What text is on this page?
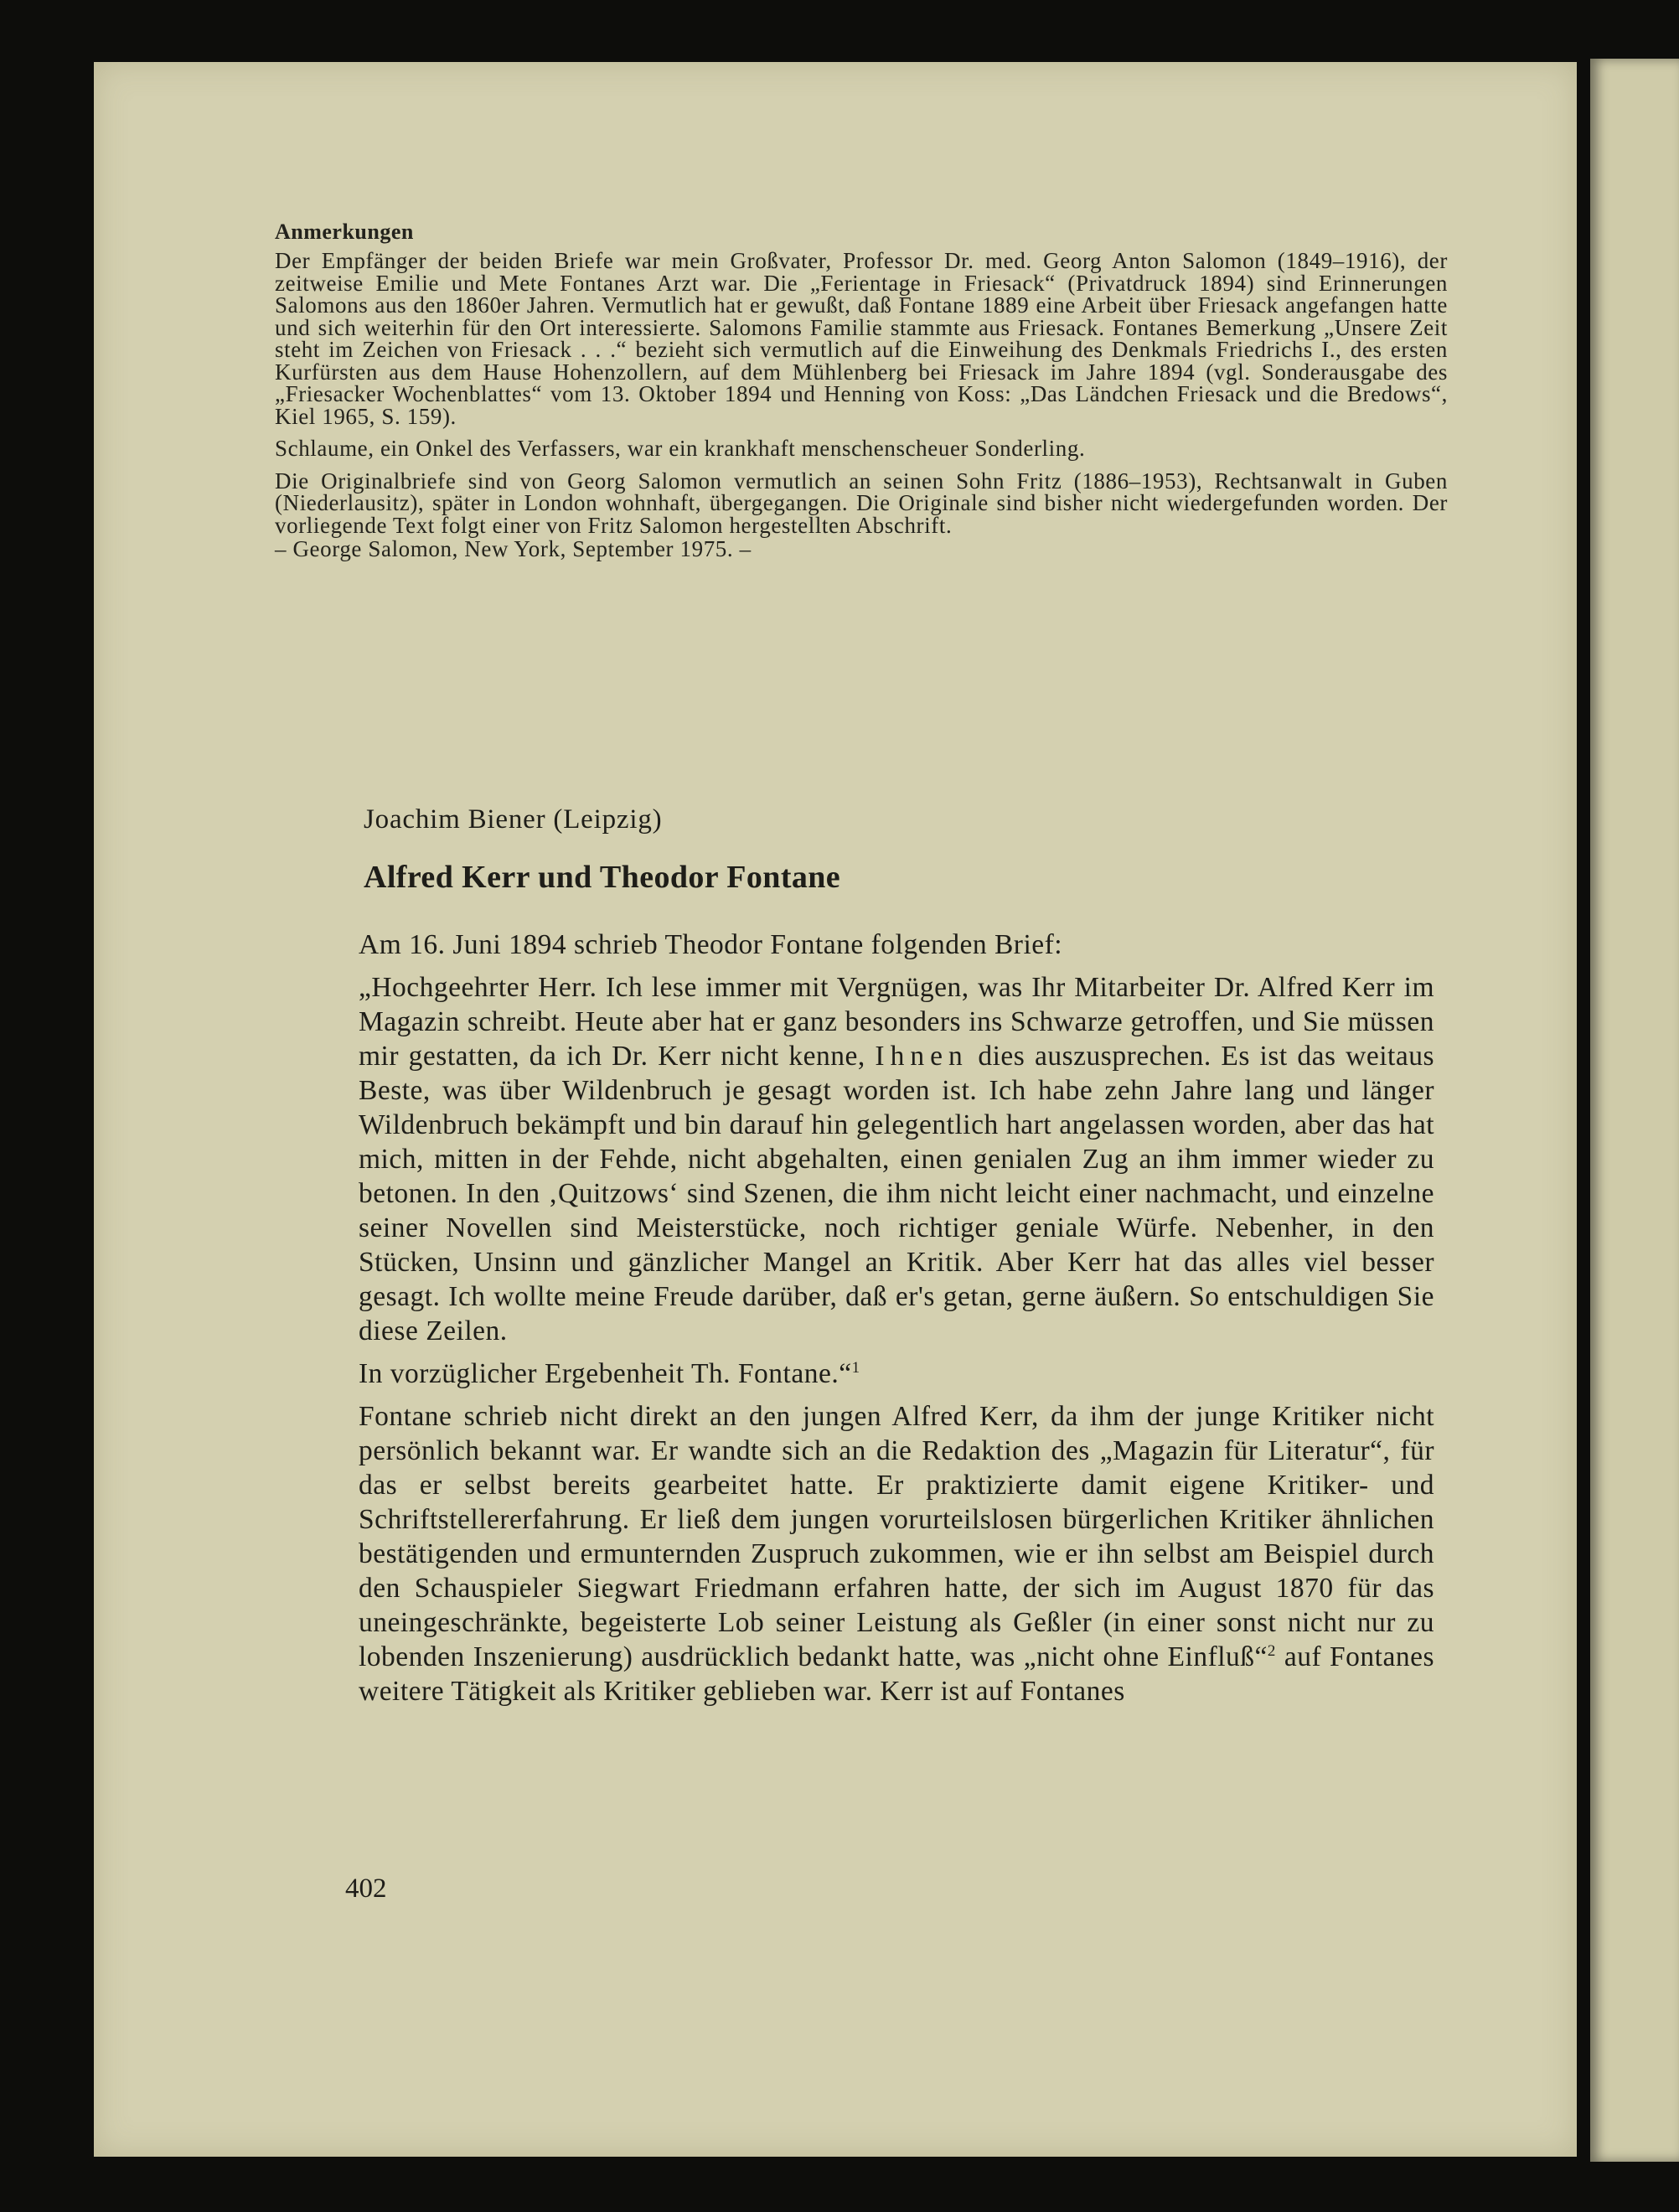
Anmerkungen

Der Empfänger der beiden Briefe war mein Großvater, Professor Dr. med. Georg Anton Salomon (1849–1916), der zeitweise Emilie und Mete Fontanes Arzt war. Die „Ferientage in Friesack“ (Privatdruck 1894) sind Erinnerungen Salomons aus den 1860er Jahren. Vermutlich hat er gewußt, daß Fontane 1889 eine Arbeit über Friesack angefangen hatte und sich weiterhin für den Ort interessierte. Salomons Familie stammte aus Friesack. Fontanes Bemerkung „Unsere Zeit steht im Zeichen von Friesack . . .“ bezieht sich vermutlich auf die Einweihung des Denkmals Friedrichs I., des ersten Kurfürsten aus dem Hause Hohenzollern, auf dem Mühlenberg bei Friesack im Jahre 1894 (vgl. Sonderausgabe des „Friesacker Wochenblattes“ vom 13. Oktober 1894 und Henning von Koss: „Das Ländchen Friesack und die Bredows“, Kiel 1965, S. 159).

Schlaume, ein Onkel des Verfassers, war ein krankhaft menschenscheuer Sonderling.

Die Originalbriefe sind von Georg Salomon vermutlich an seinen Sohn Fritz (1886–1953), Rechtsanwalt in Guben (Niederlausitz), später in London wohnhaft, übergegangen. Die Originale sind bisher nicht wiedergefunden worden. Der vorliegende Text folgt einer von Fritz Salomon hergestellten Abschrift.

– George Salomon, New York, September 1975. –

Joachim Biener (Leipzig)
Alfred Kerr und Theodor Fontane

Am 16. Juni 1894 schrieb Theodor Fontane folgenden Brief:

„Hochgeehrter Herr. Ich lese immer mit Vergnügen, was Ihr Mitarbeiter Dr. Alfred Kerr im Magazin schreibt. Heute aber hat er ganz besonders ins Schwarze getroffen, und Sie müssen mir gestatten, da ich Dr. Kerr nicht kenne, Ihnen dies auszusprechen. Es ist das weitaus Beste, was über Wildenbruch je gesagt worden ist. Ich habe zehn Jahre lang und länger Wildenbruch bekämpft und bin darauf hin gelegentlich hart angelassen worden, aber das hat mich, mitten in der Fehde, nicht abgehalten, einen genialen Zug an ihm immer wieder zu betonen. In den ‚Quitzows‘ sind Szenen, die ihm nicht leicht einer nachmacht, und einzelne seiner Novellen sind Meisterstücke, noch richtiger geniale Würfe. Nebenher, in den Stücken, Unsinn und gänzlicher Mangel an Kritik. Aber Kerr hat das alles viel besser gesagt. Ich wollte meine Freude darüber, daß er's getan, gerne äußern. So entschuldigen Sie diese Zeilen.

In vorzüglicher Ergebenheit Th. Fontane.“$^1$

Fontane schrieb nicht direkt an den jungen Alfred Kerr, da ihm der junge Kritiker nicht persönlich bekannt war. Er wandte sich an die Redaktion des „Magazin für Literatur“, für das er selbst bereits gearbeitet hatte. Er praktizierte damit eigene Kritiker- und Schriftstellererfahrung. Er ließ dem jungen vorurteilslosen bürgerlichen Kritiker ähnlichen bestätigenden und ermunternden Zuspruch zukommen, wie er ihn selbst am Beispiel durch den Schauspieler Siegwart Friedmann erfahren hatte, der sich im August 1870 für das uneingeschränkte, begeisterte Lob seiner Leistung als Geßler (in einer sonst nicht nur zu lobenden Inszenierung) ausdrücklich bedankt hatte, was „nicht ohne Einfluß“$^2$ auf Fontanes weitere Tätigkeit als Kritiker geblieben war. Kerr ist auf Fontanes

402
